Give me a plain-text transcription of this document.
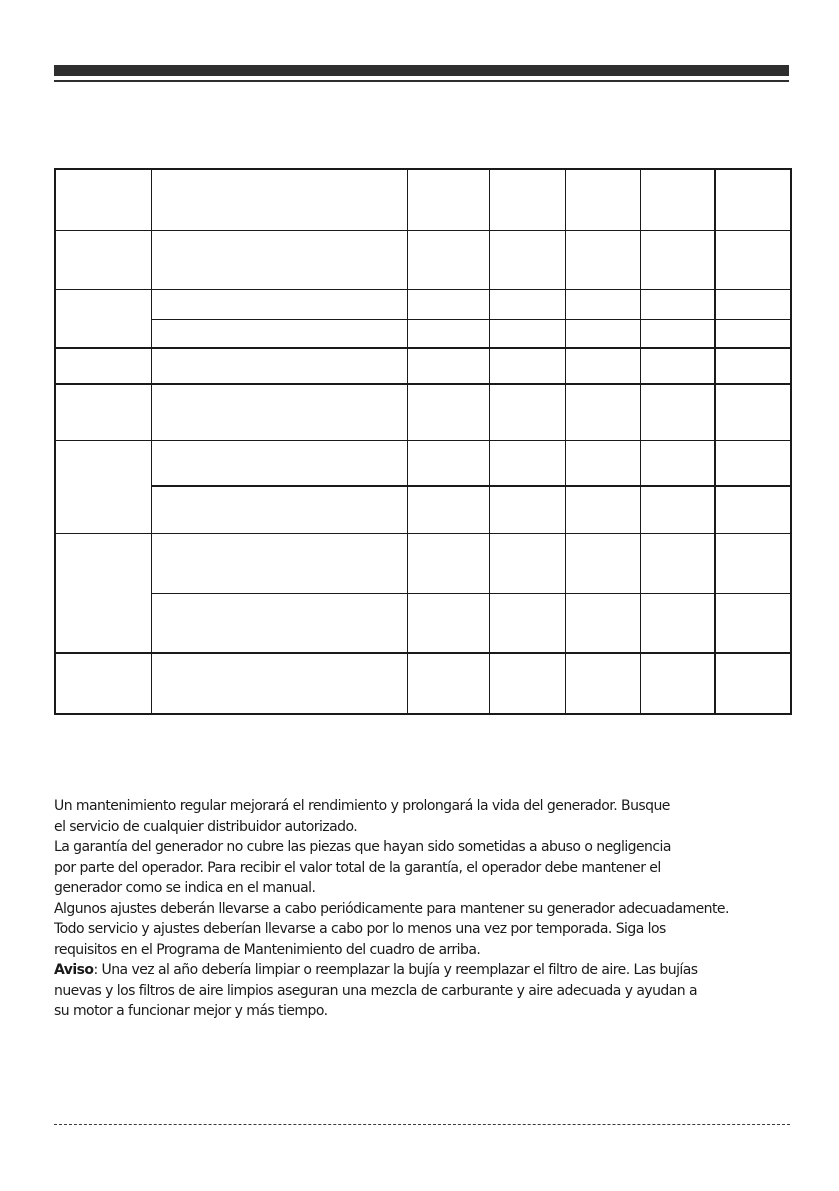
Un mantenimiento regular mejorará el rendimiento y prolongará la vida del generador. Busque
el servicio de cualquier distribuidor autorizado.
La garantía del generador no cubre las piezas que hayan sido sometidas a abuso o negligencia
por parte del operador. Para recibir el valor total de la garantía, el operador debe mantener el
generador como se indica en el manual.
Algunos ajustes deberán llevarse a cabo periódicamente para mantener su generador adecuadamente.
Todo servicio y ajustes deberían llevarse a cabo por lo menos una vez por temporada. Siga los
requisitos en el Programa de Mantenimiento del cuadro de arriba.
Aviso: Una vez al año debería limpiar o reemplazar la bujía y reemplazar el filtro de aire. Las bujías
nuevas y los filtros de aire limpios aseguran una mezcla de carburante y aire adecuada y ayudan a
su motor a funcionar mejor y más tiempo.
